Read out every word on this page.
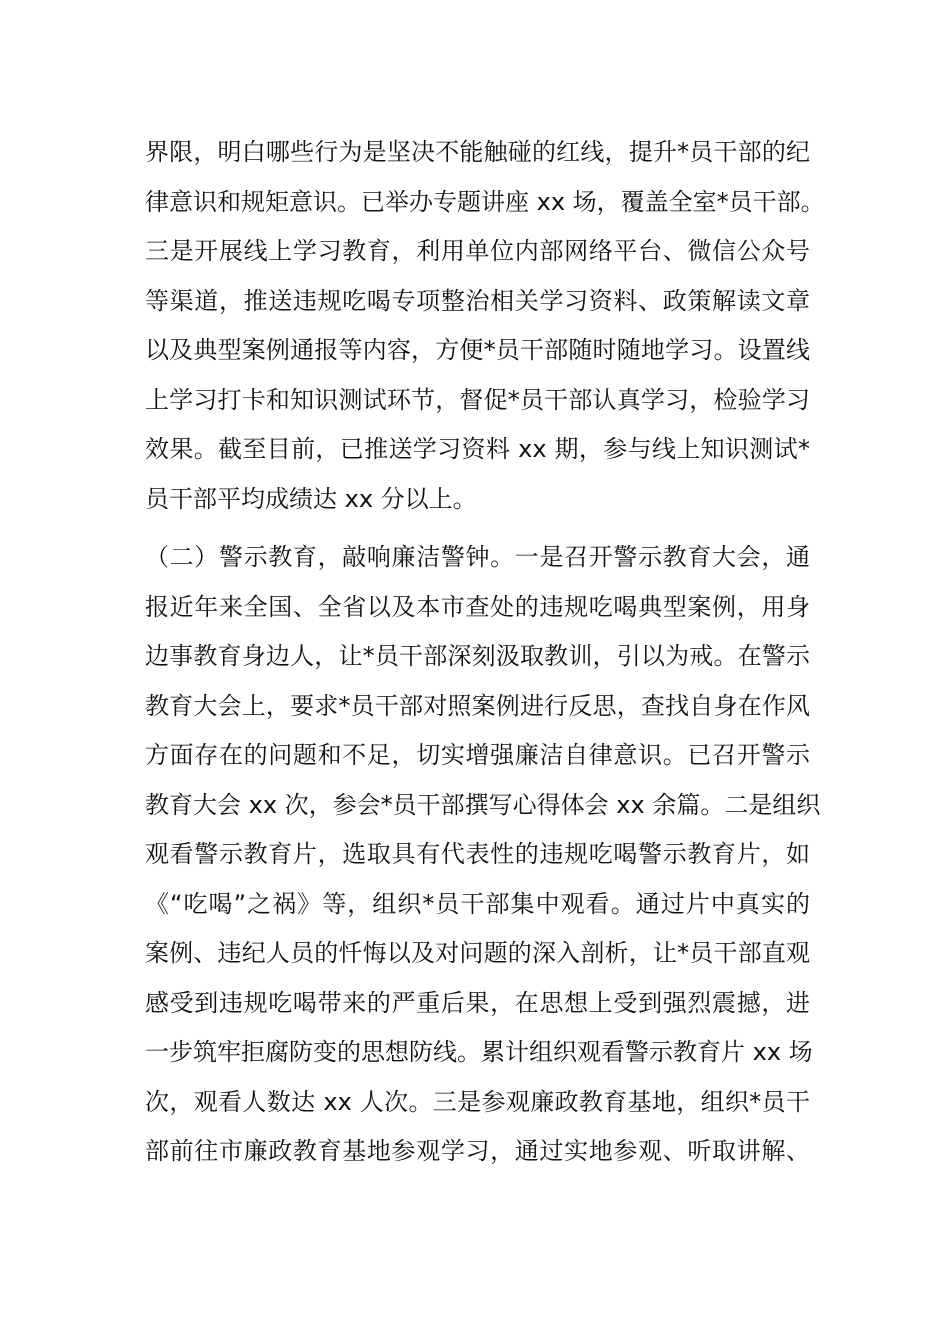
界限，明白哪些行为是坚决不能触碰的红线，提升*员干部的纪
律意识和规矩意识。已举办专题讲座 xx 场，覆盖全室*员干部。
三是开展线上学习教育，利用单位内部网络平台、微信公众号
等渠道，推送违规吃喝专项整治相关学习资料、政策解读文章
以及典型案例通报等内容，方便*员干部随时随地学习。设置线
上学习打卡和知识测试环节，督促*员干部认真学习，检验学习
效果。截至目前，已推送学习资料 xx 期，参与线上知识测试*
员干部平均成绩达 xx 分以上。
（二）警示教育，敲响廉洁警钟。一是召开警示教育大会，通
报近年来全国、全省以及本市查处的违规吃喝典型案例，用身
边事教育身边人，让*员干部深刻汲取教训，引以为戒。在警示
教育大会上，要求*员干部对照案例进行反思，查找自身在作风
方面存在的问题和不足，切实增强廉洁自律意识。已召开警示
教育大会 xx 次，参会*员干部撰写心得体会 xx 余篇。二是组织
观看警示教育片，选取具有代表性的违规吃喝警示教育片，如
《“吃喝”之祸》等，组织*员干部集中观看。通过片中真实的
案例、违纪人员的忏悔以及对问题的深入剖析，让*员干部直观
感受到违规吃喝带来的严重后果，在思想上受到强烈震撼，进
一步筑牢拒腐防变的思想防线。累计组织观看警示教育片 xx 场
次，观看人数达 xx 人次。三是参观廉政教育基地，组织*员干
部前往市廉政教育基地参观学习，通过实地参观、听取讲解、
